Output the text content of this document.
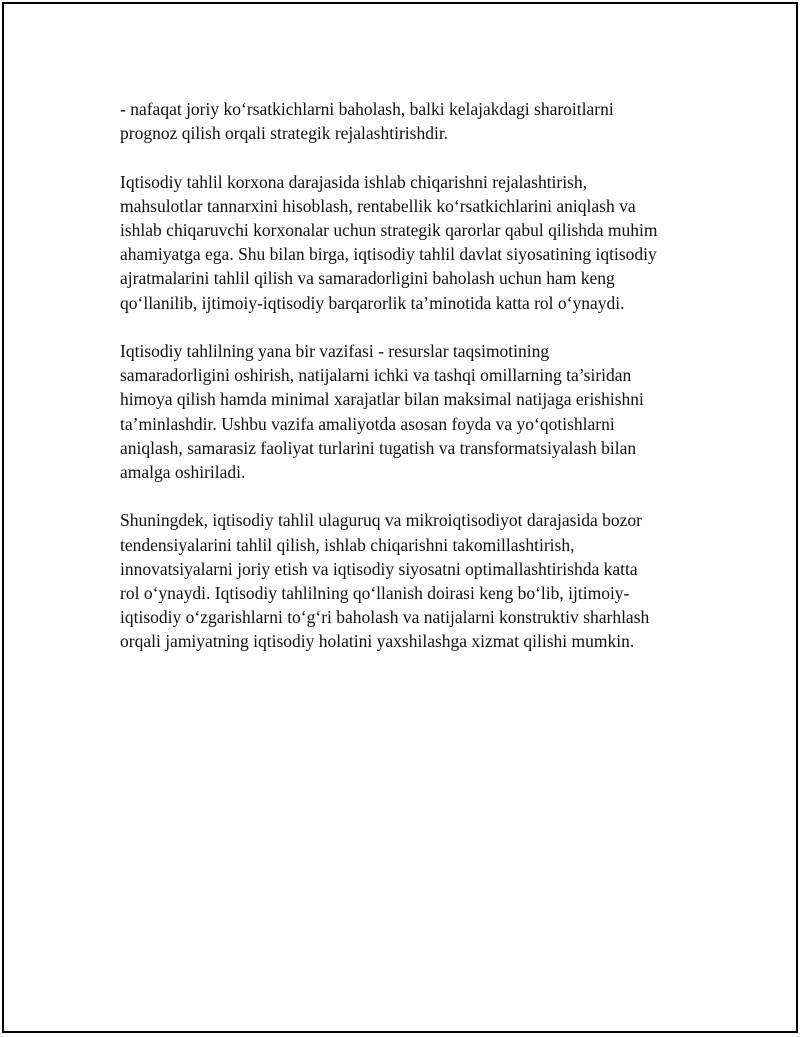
- nafaqat joriy ko‘rsatkichlarni baholash, balki kelajakdagi sharoitlarni
prognoz qilish orqali strategik rejalashtirishdir.

Iqtisodiy tahlil korxona darajasida ishlab chiqarishni rejalashtirish,
mahsulotlar tannarxini hisoblash, rentabellik ko‘rsatkichlarini aniqlash va
ishlab chiqaruvchi korxonalar uchun strategik qarorlar qabul qilishda muhim
ahamiyatga ega. Shu bilan birga, iqtisodiy tahlil davlat siyosatining iqtisodiy
ajratmalarini tahlil qilish va samaradorligini baholash uchun ham keng
qo‘llanilib, ijtimoiy-iqtisodiy barqarorlik ta’minotida katta rol o‘ynaydi.

Iqtisodiy tahlilning yana bir vazifasi - resurslar taqsimotining
samaradorligini oshirish, natijalarni ichki va tashqi omillarning ta’siridan
himoya qilish hamda minimal xarajatlar bilan maksimal natijaga erishishni
ta’minlashdir. Ushbu vazifa amaliyotda asosan foyda va yo‘qotishlarni
aniqlash, samarasiz faoliyat turlarini tugatish va transformatsiyalash bilan
amalga oshiriladi.

Shuningdek, iqtisodiy tahlil ulaguruq va mikroiqtisodiyot darajasida bozor
tendensiyalarini tahlil qilish, ishlab chiqarishni takomillashtirish,
innovatsiyalarni joriy etish va iqtisodiy siyosatni optimallashtirishda katta
rol o‘ynaydi. Iqtisodiy tahlilning qo‘llanish doirasi keng bo‘lib, ijtimoiy-
iqtisodiy o‘zgarishlarni to‘g‘ri baholash va natijalarni konstruktiv sharhlash
orqali jamiyatning iqtisodiy holatini yaxshilashga xizmat qilishi mumkin.
